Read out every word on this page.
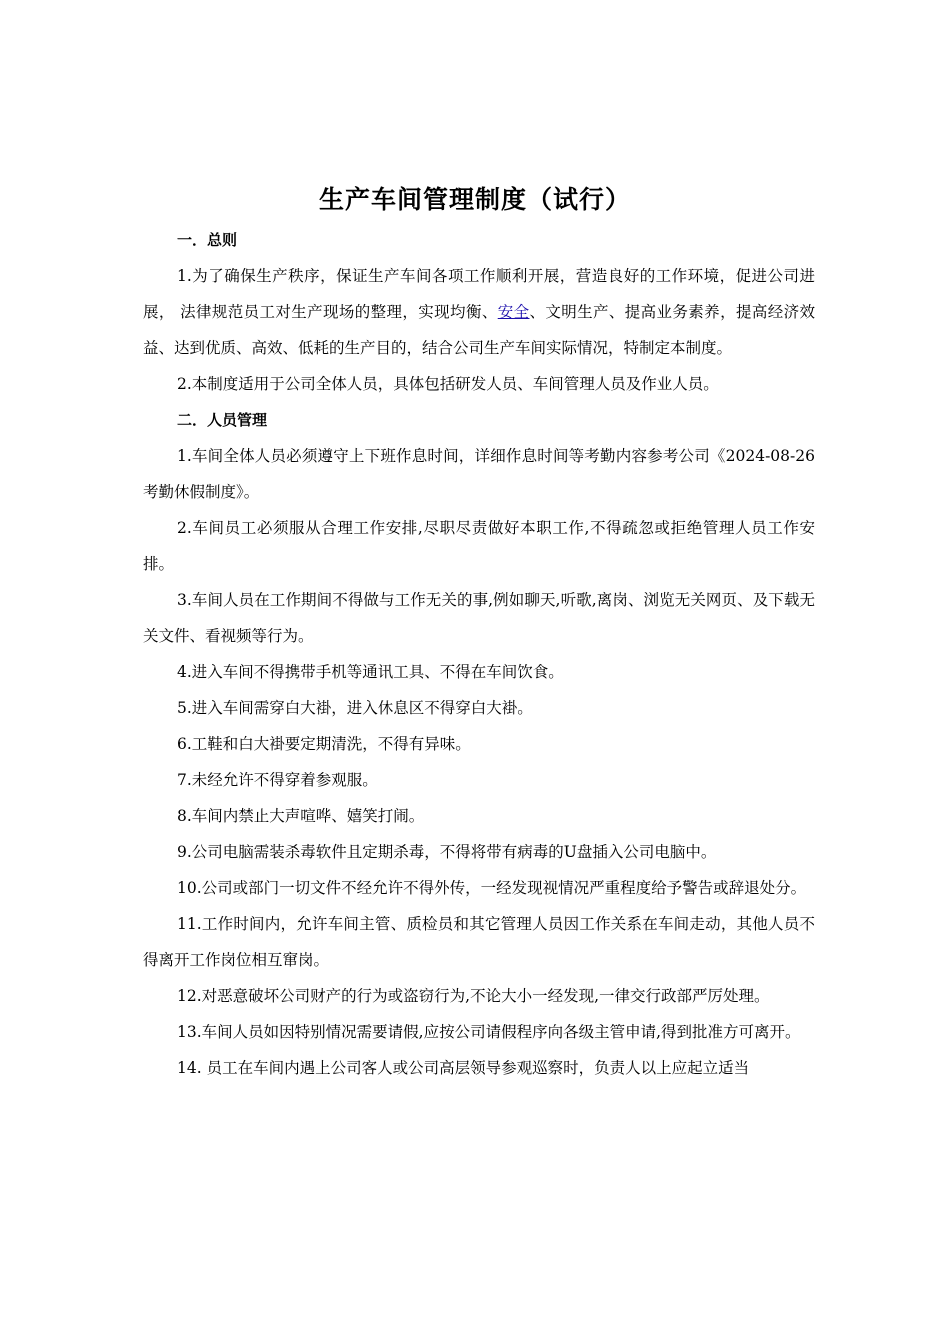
生产车间管理制度（试行）

一．总则

1.为了确保生产秩序，保证生产车间各项工作顺利开展，营造良好的工作环境，促进公司进展， 法律规范员工对生产现场的整理，实现均衡、安全、文明生产、提高业务素养，提高经济效益、达到优质、高效、低耗的生产目的，结合公司生产车间实际情况，特制定本制度。

2.本制度适用于公司全体人员，具体包括研发人员、车间管理人员及作业人员。

二．人员管理

1.车间全体人员必须遵守上下班作息时间，详细作息时间等考勤内容参考公司《2024-08-26考勤休假制度》。

2.车间员工必须服从合理工作安排,尽职尽责做好本职工作,不得疏忽或拒绝管理人员工作安排。

3.车间人员在工作期间不得做与工作无关的事,例如聊天,听歌,离岗、浏览无关网页、及下载无关文件、看视频等行为。

4.进入车间不得携带手机等通讯工具、不得在车间饮食。

5.进入车间需穿白大褂，进入休息区不得穿白大褂。

6.工鞋和白大褂要定期清洗，不得有异味。

7.未经允许不得穿着参观服。

8.车间内禁止大声喧哗、嬉笑打闹。

9.公司电脑需装杀毒软件且定期杀毒，不得将带有病毒的U盘插入公司电脑中。

10.公司或部门一切文件不经允许不得外传，一经发现视情况严重程度给予警告或辞退处分。

11.工作时间内，允许车间主管、质检员和其它管理人员因工作关系在车间走动，其他人员不得离开工作岗位相互窜岗。

12.对恶意破坏公司财产的行为或盗窃行为,不论大小一经发现,一律交行政部严厉处理。

13.车间人员如因特别情况需要请假,应按公司请假程序向各级主管申请,得到批准方可离开。

14. 员工在车间内遇上公司客人或公司高层领导参观巡察时，负责人以上应起立适当
